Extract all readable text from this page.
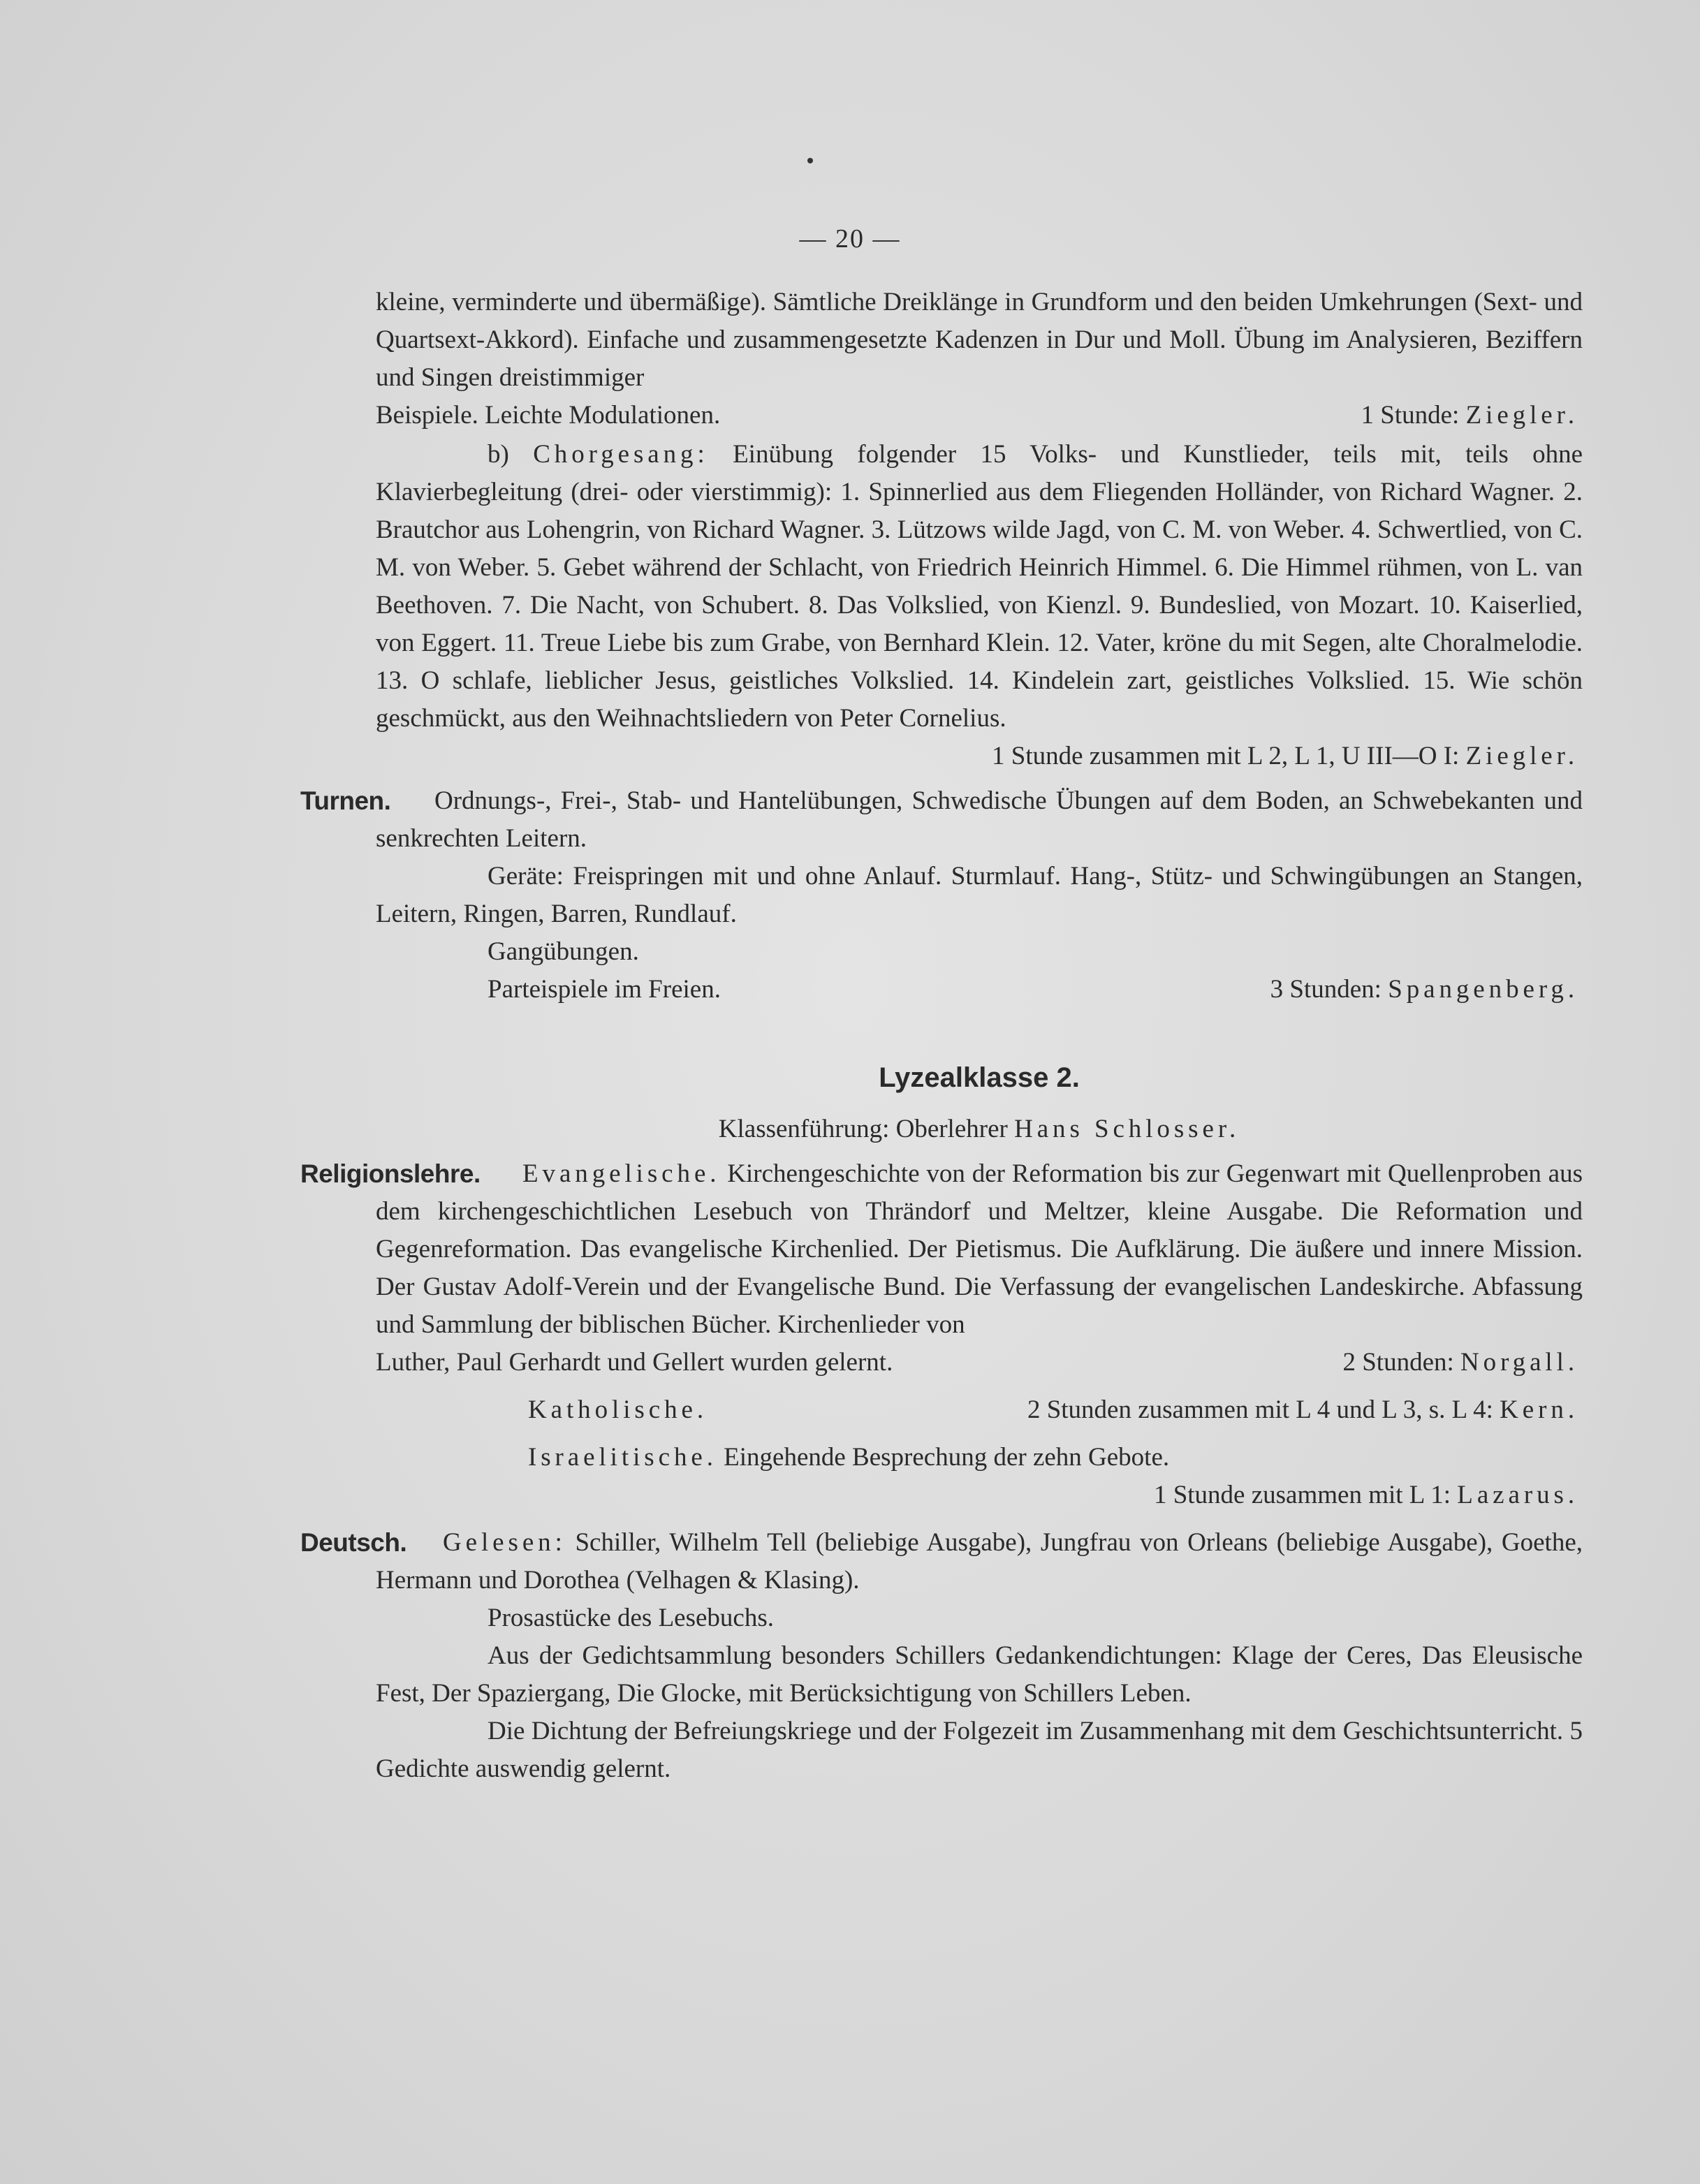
— 20 —

kleine, verminderte und übermäßige). Sämtliche Dreiklänge in Grundform und den beiden Umkehrungen (Sext- und Quartsext-Akkord). Einfache und zusammengesetzte Kadenzen in Dur und Moll. Übung im Analysieren, Beziffern und Singen dreistimmiger

Beispiele. Leichte Modulationen.	1 Stunde: Ziegler.

b) Chorgesang: Einübung folgender 15 Volks- und Kunstlieder, teils mit, teils ohne Klavierbegleitung (drei- oder vierstimmig): 1. Spinnerlied aus dem Fliegenden Holländer, von Richard Wagner. 2. Brautchor aus Lohengrin, von Richard Wagner. 3. Lützows wilde Jagd, von C. M. von Weber. 4. Schwertlied, von C. M. von Weber. 5. Gebet während der Schlacht, von Friedrich Heinrich Himmel. 6. Die Himmel rühmen, von L. van Beethoven. 7. Die Nacht, von Schubert. 8. Das Volkslied, von Kienzl. 9. Bundeslied, von Mozart. 10. Kaiserlied, von Eggert. 11. Treue Liebe bis zum Grabe, von Bernhard Klein. 12. Vater, kröne du mit Segen, alte Choralmelodie. 13. O schlafe, lieblicher Jesus, geistliches Volkslied. 14. Kindelein zart, geistliches Volkslied. 15. Wie schön geschmückt, aus den Weihnachtsliedern von Peter Cornelius.

1 Stunde zusammen mit L 2, L 1, U III—O I: Ziegler.

Turnen.	Ordnungs-, Frei-, Stab- und Hantelübungen, Schwedische Übungen auf dem Boden, an Schwebekanten und senkrechten Leitern.

Geräte: Freispringen mit und ohne Anlauf. Sturmlauf. Hang-, Stütz- und Schwingübungen an Stangen, Leitern, Ringen, Barren, Rundlauf.

Gangübungen.

Parteispiele im Freien.	3 Stunden: Spangenberg.
Lyzealklasse 2.

Klassenführung: Oberlehrer Hans Schlosser.

Religionslehre.	Evangelische. Kirchengeschichte von der Reformation bis zur Gegenwart mit Quellenproben aus dem kirchengeschichtlichen Lesebuch von Thrändorf und Meltzer, kleine Ausgabe. Die Reformation und Gegenreformation. Das evangelische Kirchenlied. Der Pietismus. Die Aufklärung. Die äußere und innere Mission. Der Gustav Adolf-Verein und der Evangelische Bund. Die Verfassung der evangelischen Landeskirche. Abfassung und Sammlung der biblischen Bücher. Kirchenlieder von

Luther, Paul Gerhardt und Gellert wurden gelernt.	2 Stunden: Norgall.
Katholische.	2 Stunden zusammen mit L 4 und L 3, s. L 4: Kern.

Israelitische. Eingehende Besprechung der zehn Gebote.

1 Stunde zusammen mit L 1: Lazarus.

Deutsch.	Gelesen: Schiller, Wilhelm Tell (beliebige Ausgabe), Jungfrau von Orleans (beliebige Ausgabe), Goethe, Hermann und Dorothea (Velhagen & Klasing).

Prosastücke des Lesebuchs.

Aus der Gedichtsammlung besonders Schillers Gedankendichtungen: Klage der Ceres, Das Eleusische Fest, Der Spaziergang, Die Glocke, mit Berücksichtigung von Schillers Leben.

Die Dichtung der Befreiungskriege und der Folgezeit im Zusammenhang mit dem Geschichtsunterricht. 5 Gedichte auswendig gelernt.
